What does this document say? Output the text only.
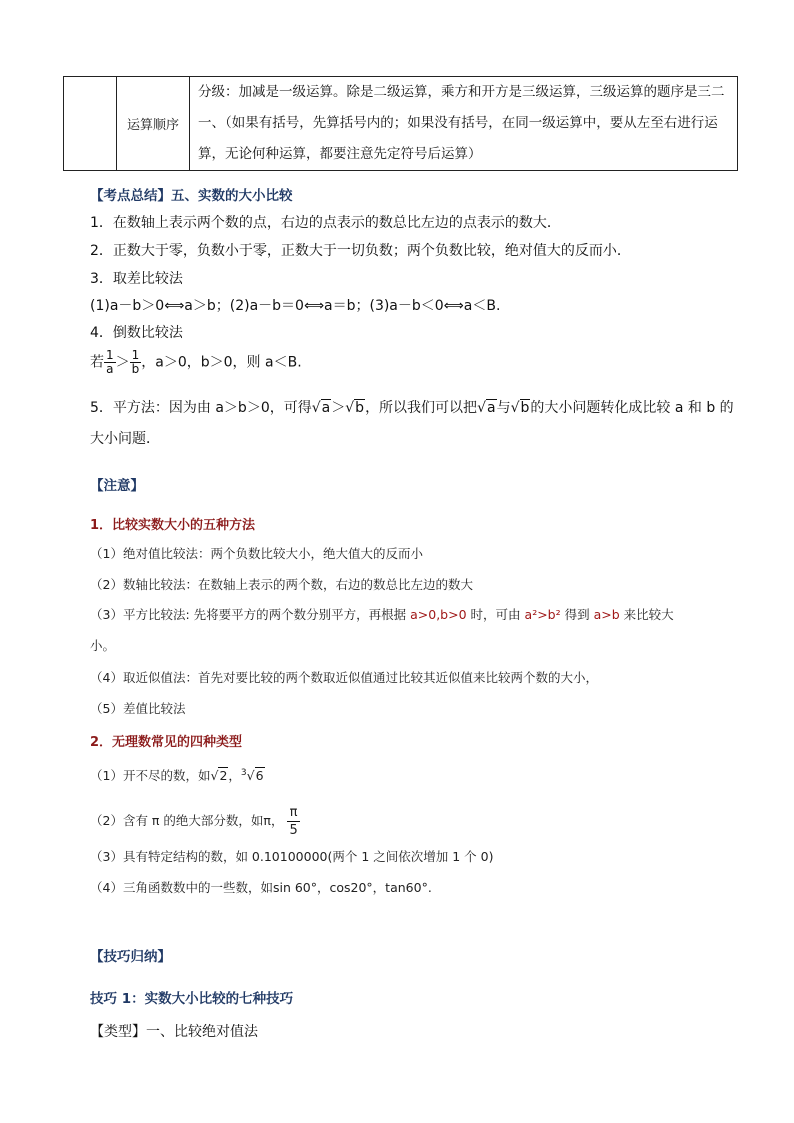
	运算顺序	分级：加减是一级运算。除是二级运算，乘方和开方是三级运算，三级运算的题序是三二一、（如果有括号，先算括号内的；如果没有括号，在同一级运算中，要从左至右进行运算，无论何种运算，都要注意先定符号后运算）
【考点总结】五、实数的大小比较
1．在数轴上表示两个数的点，右边的点表示的数总比左边的点表示的数大．
2．正数大于零，负数小于零，正数大于一切负数；两个负数比较，绝对值大的反而小．
3．取差比较法
(1)a－b＞0⟺a＞b；(2)a－b＝0⟺a＝b；(3)a－b＜0⟺a＜B.
4．倒数比较法
若 $\frac{1}{a} > \frac{1}{b}$ ，a＞0，b＞0，则 a＜B.
5．平方法：因为由 a＞b＞0，可得√a＞√b，所以我们可以把√a与√b的大小问题转化成比较 a 和 b 的
大小问题．
【注意】
1．比较实数大小的五种方法
（1）绝对值比较法：两个负数比较大小，绝大值大的反而小
（2）数轴比较法：在数轴上表示的两个数，右边的数总比左边的数大
（3）平方比较法: 先将要平方的两个数分别平方，再根据 a>0,b>0 时，可由 a²>b² 得到 a>b 来比较大
小。
（4）取近似值法：首先对要比较的两个数取近似值通过比较其近似值来比较两个数的大小，
（5）差值比较法
2．无理数常见的四种类型
（1）开不尽的数，如√2，$^3$√6
（2）含有 π 的绝大部分数，如π， $\frac{\pi}{5}$
（3）具有特定结构的数，如 0.10100000(两个 1 之间依次增加 1 个 0)
（4）三角函数数中的一些数，如sin 60°，cos20°，tan60°.
【技巧归纳】
技巧 1：实数大小比较的七种技巧
【类型】一、比较绝对值法
